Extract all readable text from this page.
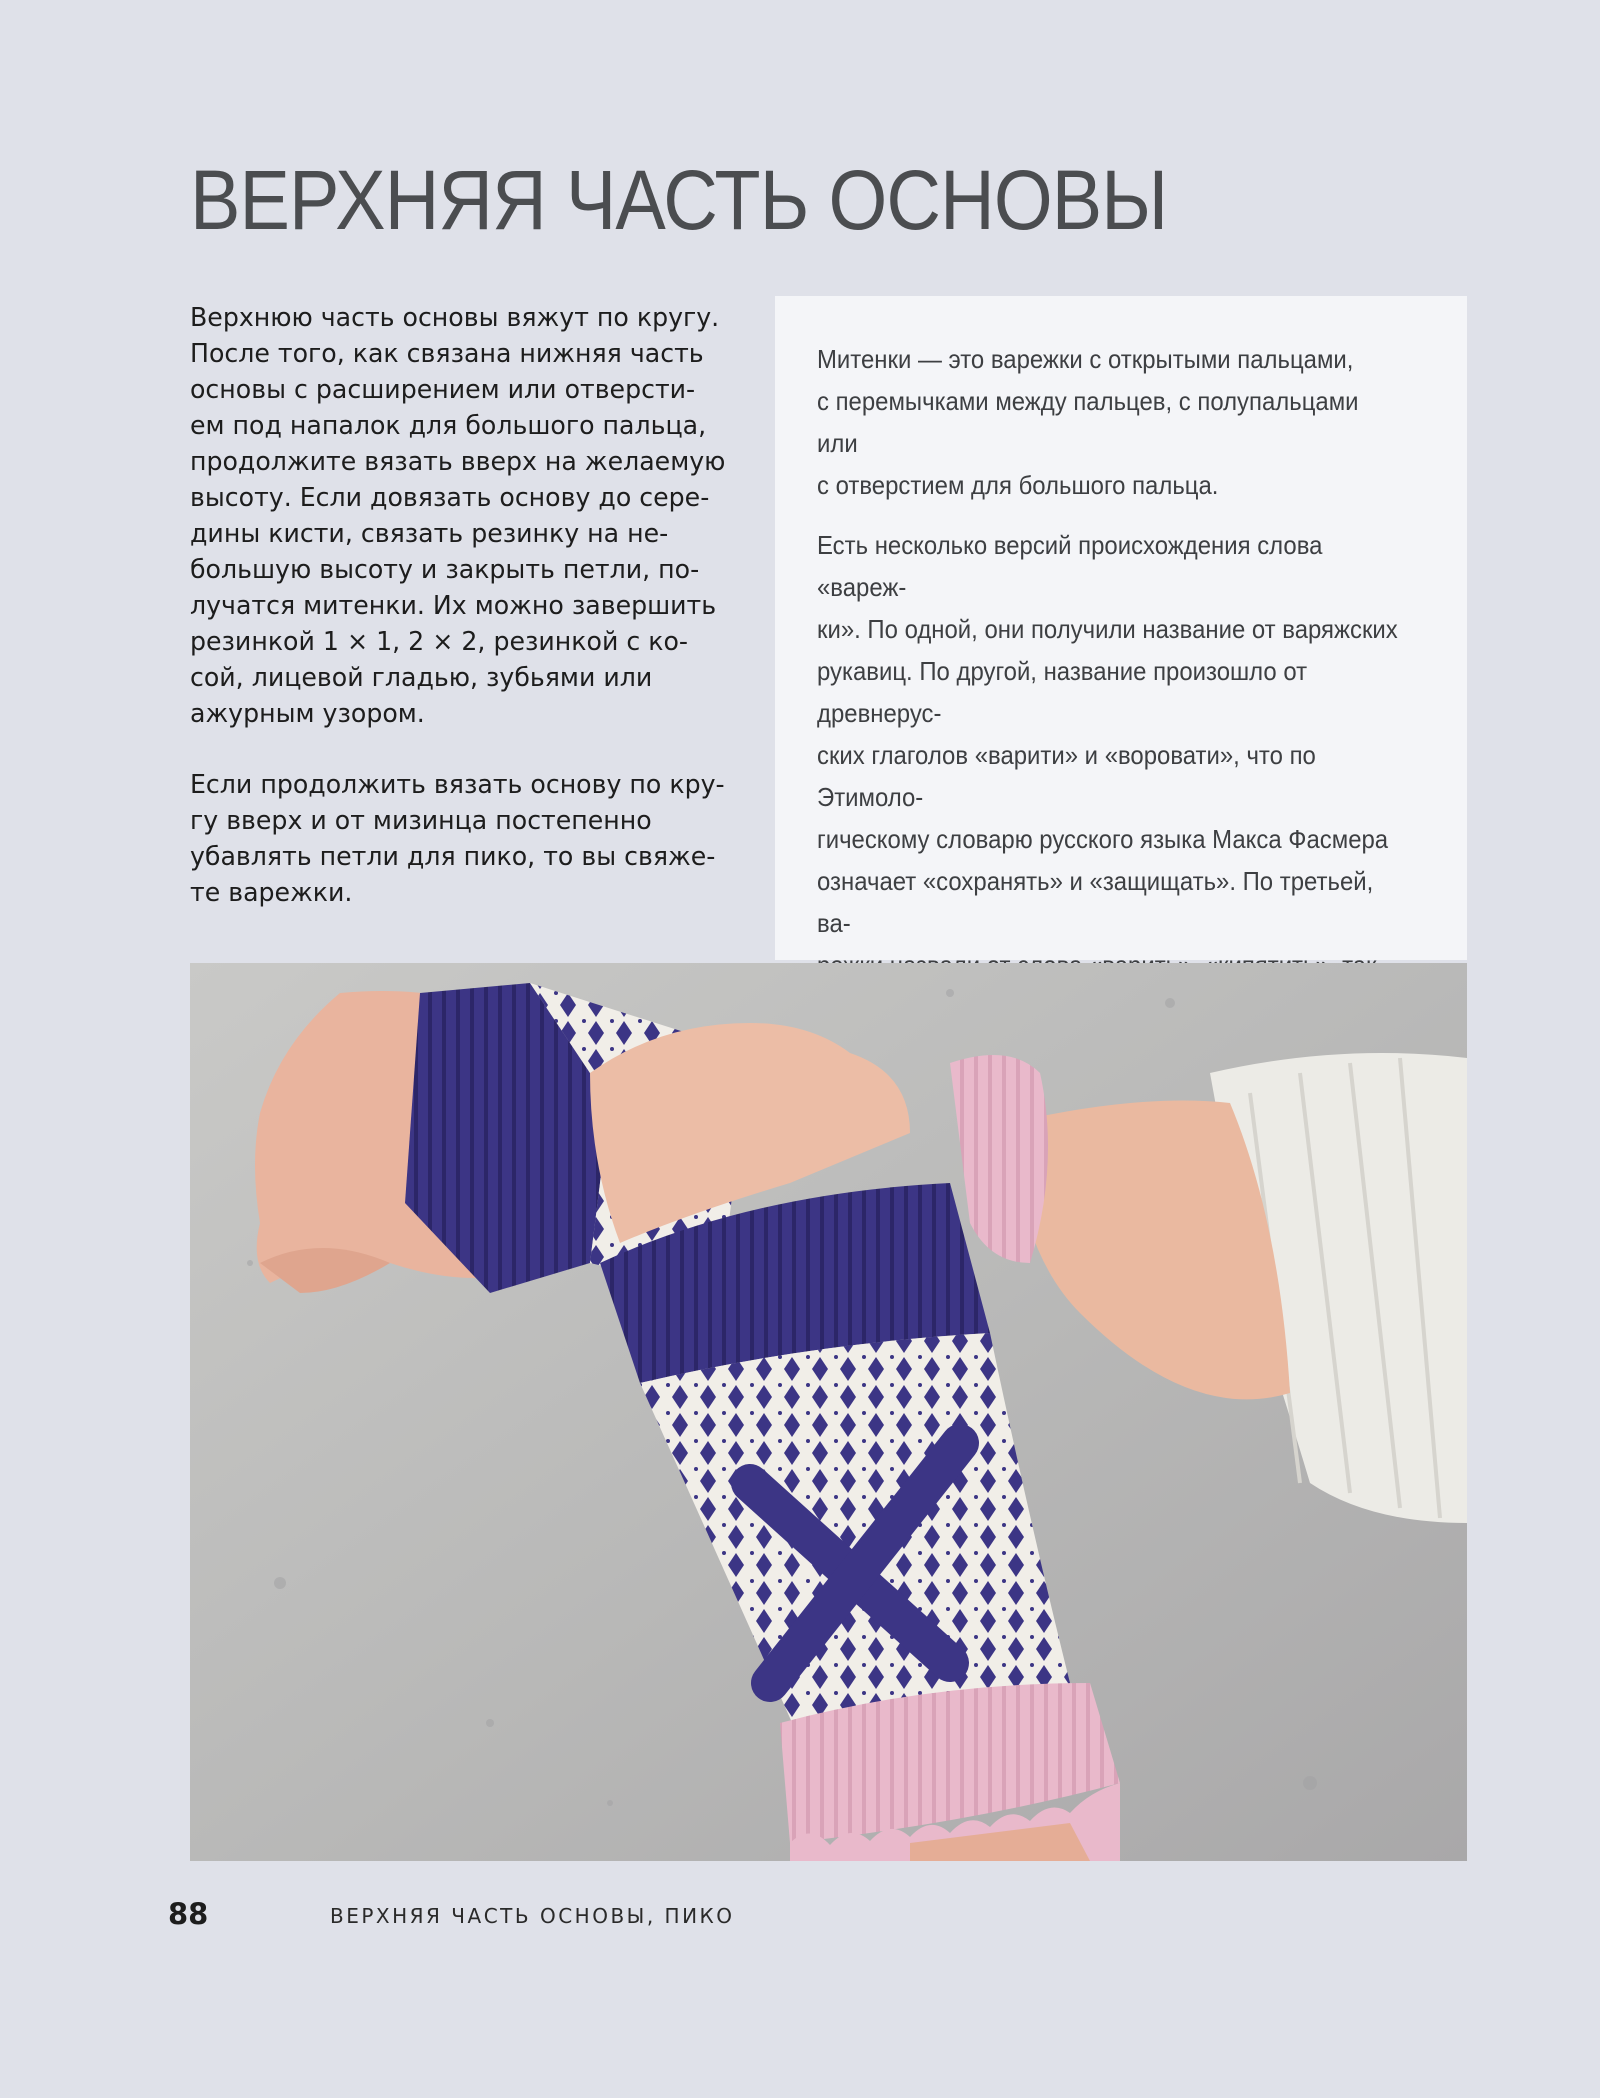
ВЕРХНЯЯ ЧАСТЬ ОСНОВЫ

Верхнюю часть основы вяжут по кругу.
После того, как связана нижняя часть
основы с расширением или отверсти-
ем под напалок для большого пальца,
продолжите вязать вверх на желаемую
высоту. Если довязать основу до сере-
дины кисти, связать резинку на не-
большую высоту и закрыть петли, по-
лучатся митенки. Их можно завершить
резинкой 1 × 1, 2 × 2, резинкой с ко-
сой, лицевой гладью, зубьями или
ажурным узором.

Если продолжить вязать основу по кру-
гу вверх и от мизинца постепенно
убавлять петли для пико, то вы свяже-
те варежки.

Митенки — это варежки с открытыми пальцами,
с перемычками между пальцев, с полупальцами или
с отверстием для большого пальца.

Есть несколько версий происхождения слова «вареж-
ки». По одной, они получили название от варяжских
рукавиц. По другой, название произошло от древнерус-
ских глаголов «варити» и «воровати», что по Этимоло-
гическому словарю русского языка Макса Фасмера
означает «сохранять» и «защищать». По третьей, ва-

88	ВЕРХНЯЯ ЧАСТЬ ОСНОВЫ, ПИКО
